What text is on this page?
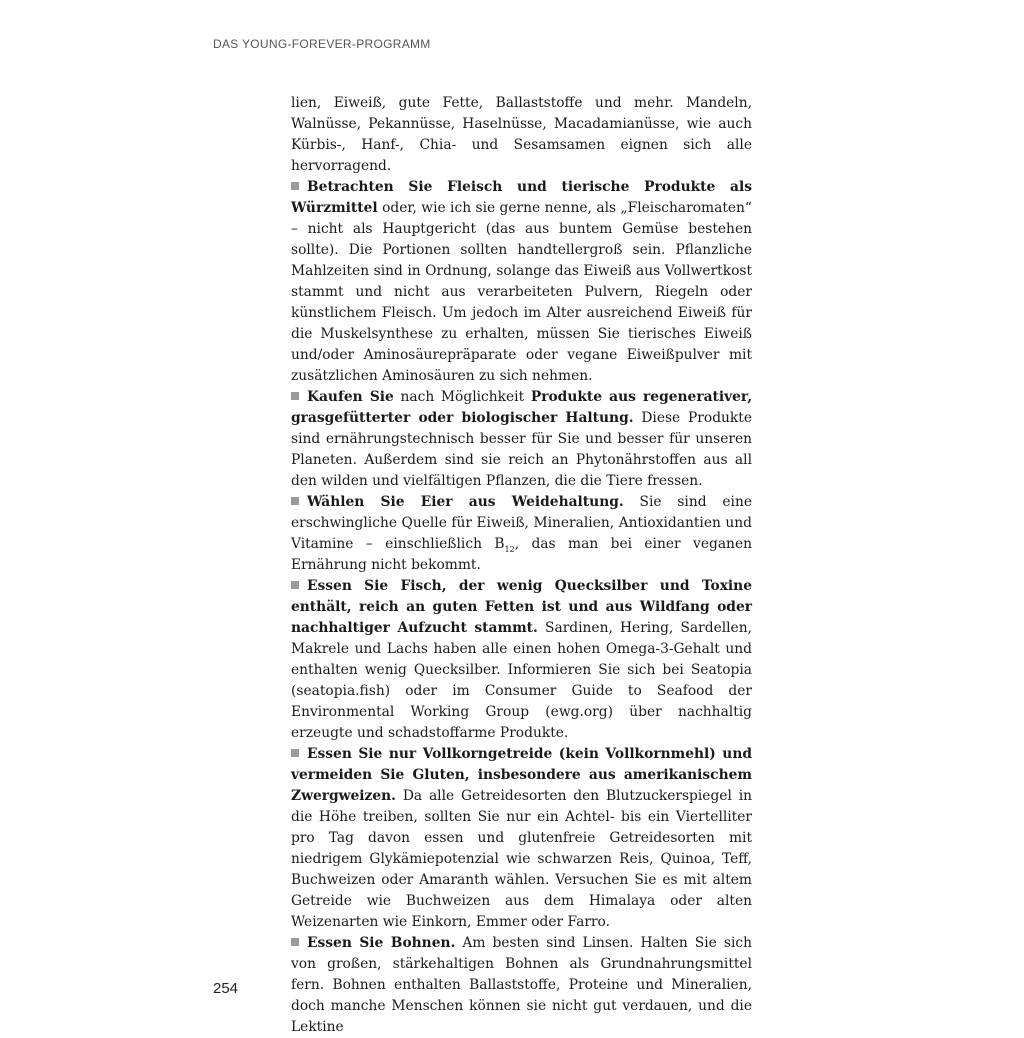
DAS YOUNG-FOREVER-PROGRAMM

lien, Eiweiß, gute Fette, Ballaststoffe und mehr. Mandeln, Walnüsse, Pekannüsse, Haselnüsse, Macadamianüsse, wie auch Kürbis-, Hanf-, Chia- und Sesamsamen eignen sich alle hervorragend.

Betrachten Sie Fleisch und tierische Produkte als Würzmittel oder, wie ich sie gerne nenne, als „Fleischaromaten“ – nicht als Hauptgericht (das aus buntem Gemüse bestehen sollte). Die Portionen sollten handtellergroß sein. Pflanzliche Mahlzeiten sind in Ordnung, solange das Eiweiß aus Vollwertkost stammt und nicht aus verarbeiteten Pulvern, Riegeln oder künstlichem Fleisch. Um jedoch im Alter ausreichend Eiweiß für die Muskelsynthese zu erhalten, müssen Sie tierisches Eiweiß und/oder Aminosäurepräparate oder vegane Eiweißpulver mit zusätzlichen Aminosäuren zu sich nehmen.

Kaufen Sie nach Möglichkeit Produkte aus regenerativer, grasgefütterter oder biologischer Haltung. Diese Produkte sind ernährungstechnisch besser für Sie und besser für unseren Planeten. Außerdem sind sie reich an Phytonährstoffen aus all den wilden und vielfältigen Pflanzen, die die Tiere fressen.

Wählen Sie Eier aus Weidehaltung. Sie sind eine erschwingliche Quelle für Eiweiß, Mineralien, Antioxidantien und Vitamine – einschließlich $B_{12}$, das man bei einer veganen Ernährung nicht bekommt.

Essen Sie Fisch, der wenig Quecksilber und Toxine enthält, reich an guten Fetten ist und aus Wildfang oder nachhaltiger Aufzucht stammt. Sardinen, Hering, Sardellen, Makrele und Lachs haben alle einen hohen Omega-3-Gehalt und enthalten wenig Quecksilber. Informieren Sie sich bei Seatopia (seatopia.fish) oder im Consumer Guide to Seafood der Environmental Working Group (ewg.org) über nachhaltig erzeugte und schadstoffarme Produkte.

Essen Sie nur Vollkorngetreide (kein Vollkornmehl) und vermeiden Sie Gluten, insbesondere aus amerikanischem Zwergweizen. Da alle Getreidesorten den Blutzuckerspiegel in die Höhe treiben, sollten Sie nur ein Achtel- bis ein Viertelliter pro Tag davon essen und glutenfreie Getreidesorten mit niedrigem Glykämiepotenzial wie schwarzen Reis, Quinoa, Teff, Buchweizen oder Amaranth wählen. Versuchen Sie es mit altem Getreide wie Buchweizen aus dem Himalaya oder alten Weizenarten wie Einkorn, Emmer oder Farro.

Essen Sie Bohnen. Am besten sind Linsen. Halten Sie sich von großen, stärkehaltigen Bohnen als Grundnahrungsmittel fern. Bohnen enthalten Ballaststoffe, Proteine und Mineralien, doch manche Menschen können sie nicht gut verdauen, und die Lektine

254
